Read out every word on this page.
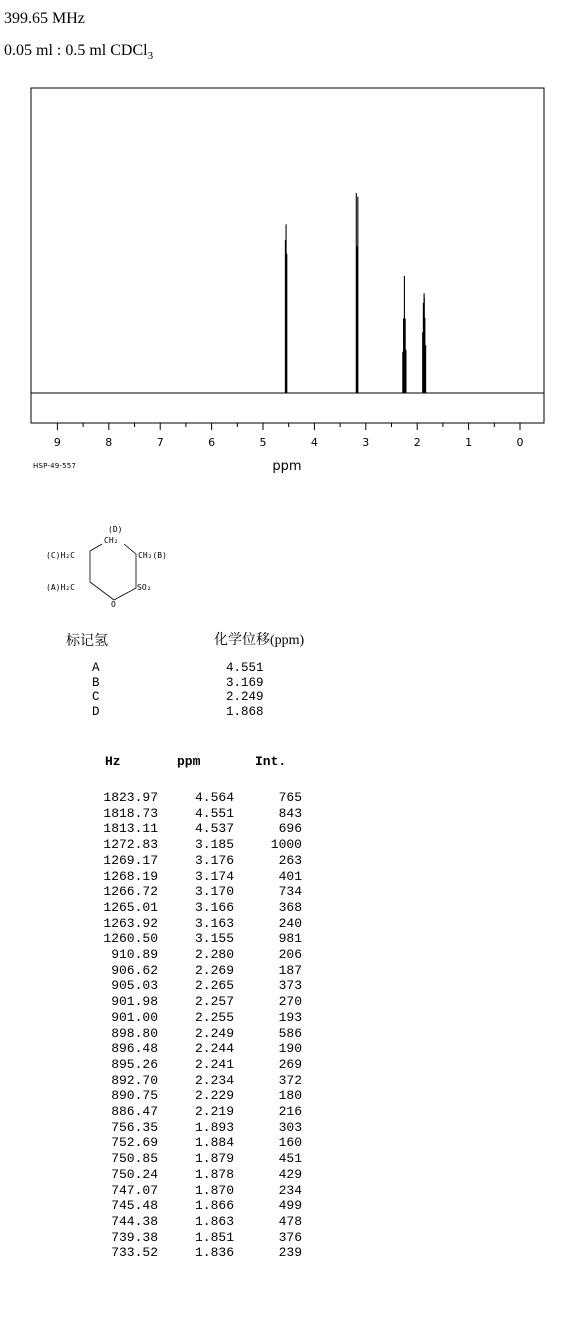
399.65 MHz
0.05 ml : 0.5 ml CDCl$_3$
9	8	7	6	5	4	3	2	1	0
ppm
HSP-49-557
(D)
CH₂
(C)H₂C	CH₂(B)
(A)H₂C	SO₂
O
标记氢	化学位移(ppm)
A	4.551
B	3.169
C	2.249
D	1.868
Hz	ppm	Int.
1823.97	4.564	765
1818.73	4.551	843
1813.11	4.537	696
1272.83	3.185	1000
1269.17	3.176	263
1268.19	3.174	401
1266.72	3.170	734
1265.01	3.166	368
1263.92	3.163	240
1260.50	3.155	981
910.89	2.280	206
906.62	2.269	187
905.03	2.265	373
901.98	2.257	270
901.00	2.255	193
898.80	2.249	586
896.48	2.244	190
895.26	2.241	269
892.70	2.234	372
890.75	2.229	180
886.47	2.219	216
756.35	1.893	303
752.69	1.884	160
750.85	1.879	451
750.24	1.878	429
747.07	1.870	234
745.48	1.866	499
744.38	1.863	478
739.38	1.851	376
733.52	1.836	239
